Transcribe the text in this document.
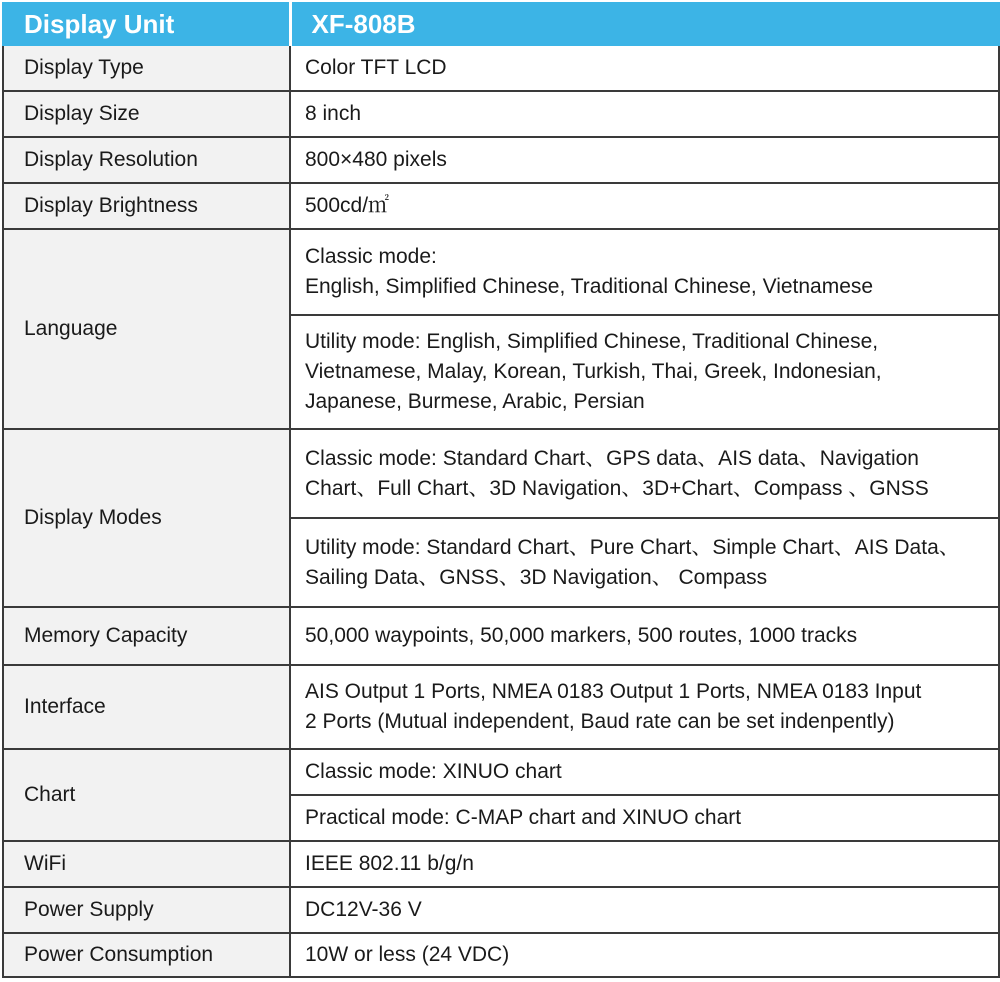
Display Unit	XF-808B
Display Type	Color TFT LCD
Display Size	8 inch
Display Resolution	800×480 pixels
Display Brightness	500cd/㎡
Language	Classic mode:
English, Simplified Chinese, Traditional Chinese, Vietnamese

	Utility mode: English, Simplified Chinese, Traditional Chinese,
Vietnamese, Malay, Korean, Turkish, Thai, Greek, Indonesian,
Japanese, Burmese, Arabic, Persian

Display Modes	Classic mode: Standard Chart、GPS data、AIS data、Navigation
Chart、Full Chart、3D Navigation、3D+Chart、Compass 、GNSS

	Utility mode: Standard Chart、Pure Chart、Simple Chart、AIS Data、
Sailing Data、GNSS、3D Navigation、 Compass

Memory Capacity	50,000 waypoints, 50,000 markers, 500 routes, 1000 tracks
Interface	AIS Output 1 Ports, NMEA 0183 Output 1 Ports, NMEA 0183 Input
2 Ports (Mutual independent, Baud rate can be set indenpently)

Chart	Classic mode: XINUO chart
	Practical mode: C-MAP chart and XINUO chart
WiFi	IEEE 802.11 b/g/n
Power Supply	DC12V-36 V
Power Consumption	10W or less (24 VDC)
